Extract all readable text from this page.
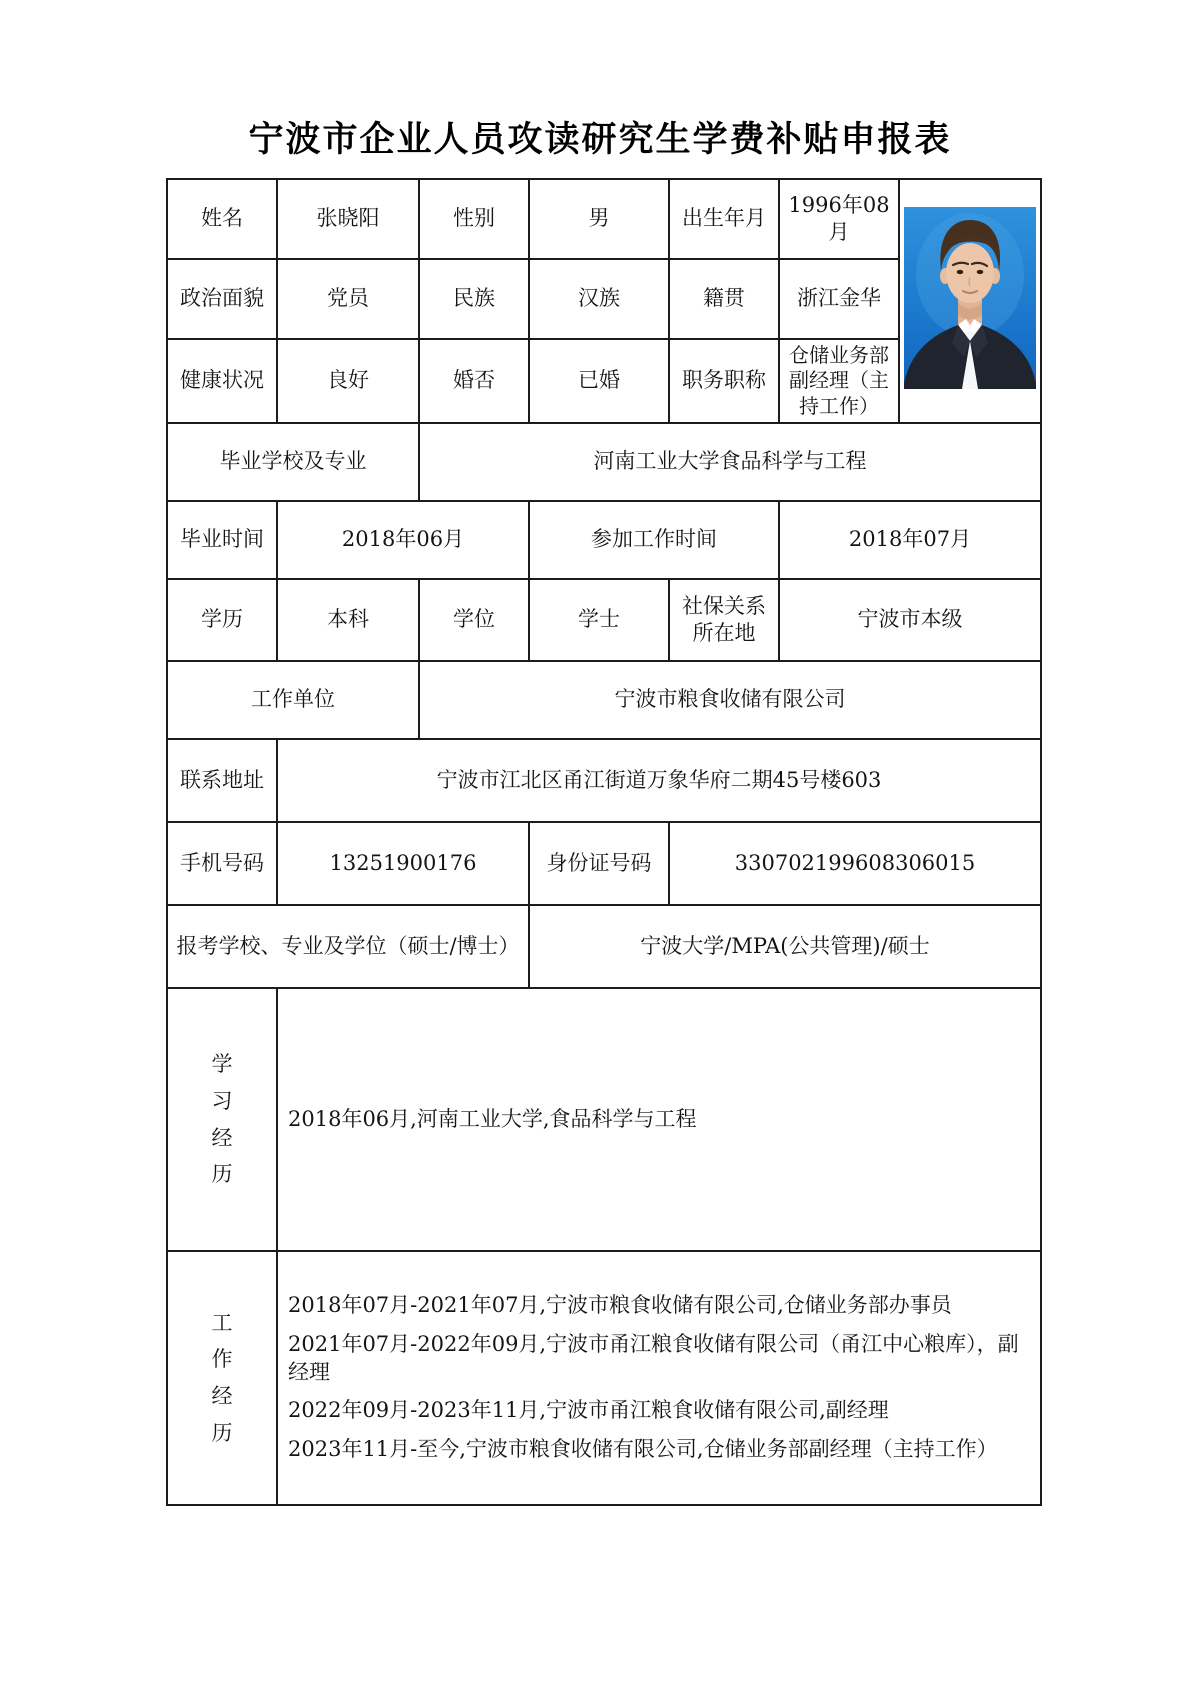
宁波市企业人员攻读研究生学费补贴申报表
姓名	张晓阳	性别	男	出生年月	1996年08月	

政治面貌	党员	民族	汉族	籍贯	浙江金华	
健康状况	良好	婚否	已婚	职务职称	仓储业务部副经理（主持工作）	
毕业学校及专业		河南工业大学食品科学与工程				
毕业时间	2018年06月		参加工作时间		2018年07月	
学历	本科	学位	学士	社保关系所在地	宁波市本级	
工作单位		宁波市粮食收储有限公司				
联系地址	宁波市江北区甬江街道万象华府二期45号楼603					
手机号码	13251900176		身份证号码	330702199608306015		
报考学校、专业及学位（硕士/博士）			宁波大学/MPA(公共管理)/硕士			

学习经历	2018年06月,河南工业大学,食品科学与工程					

工作经历	2018年07月-2021年07月,宁波市粮食收储有限公司,仓储业务部办事员

2021年07月-2022年09月,宁波市甬江粮食收储有限公司（甬江中心粮库），副经理

2022年09月-2023年11月,宁波市甬江粮食收储有限公司,副经理

2023年11月-至今,宁波市粮食收储有限公司,仓储业务部副经理（主持工作）					
